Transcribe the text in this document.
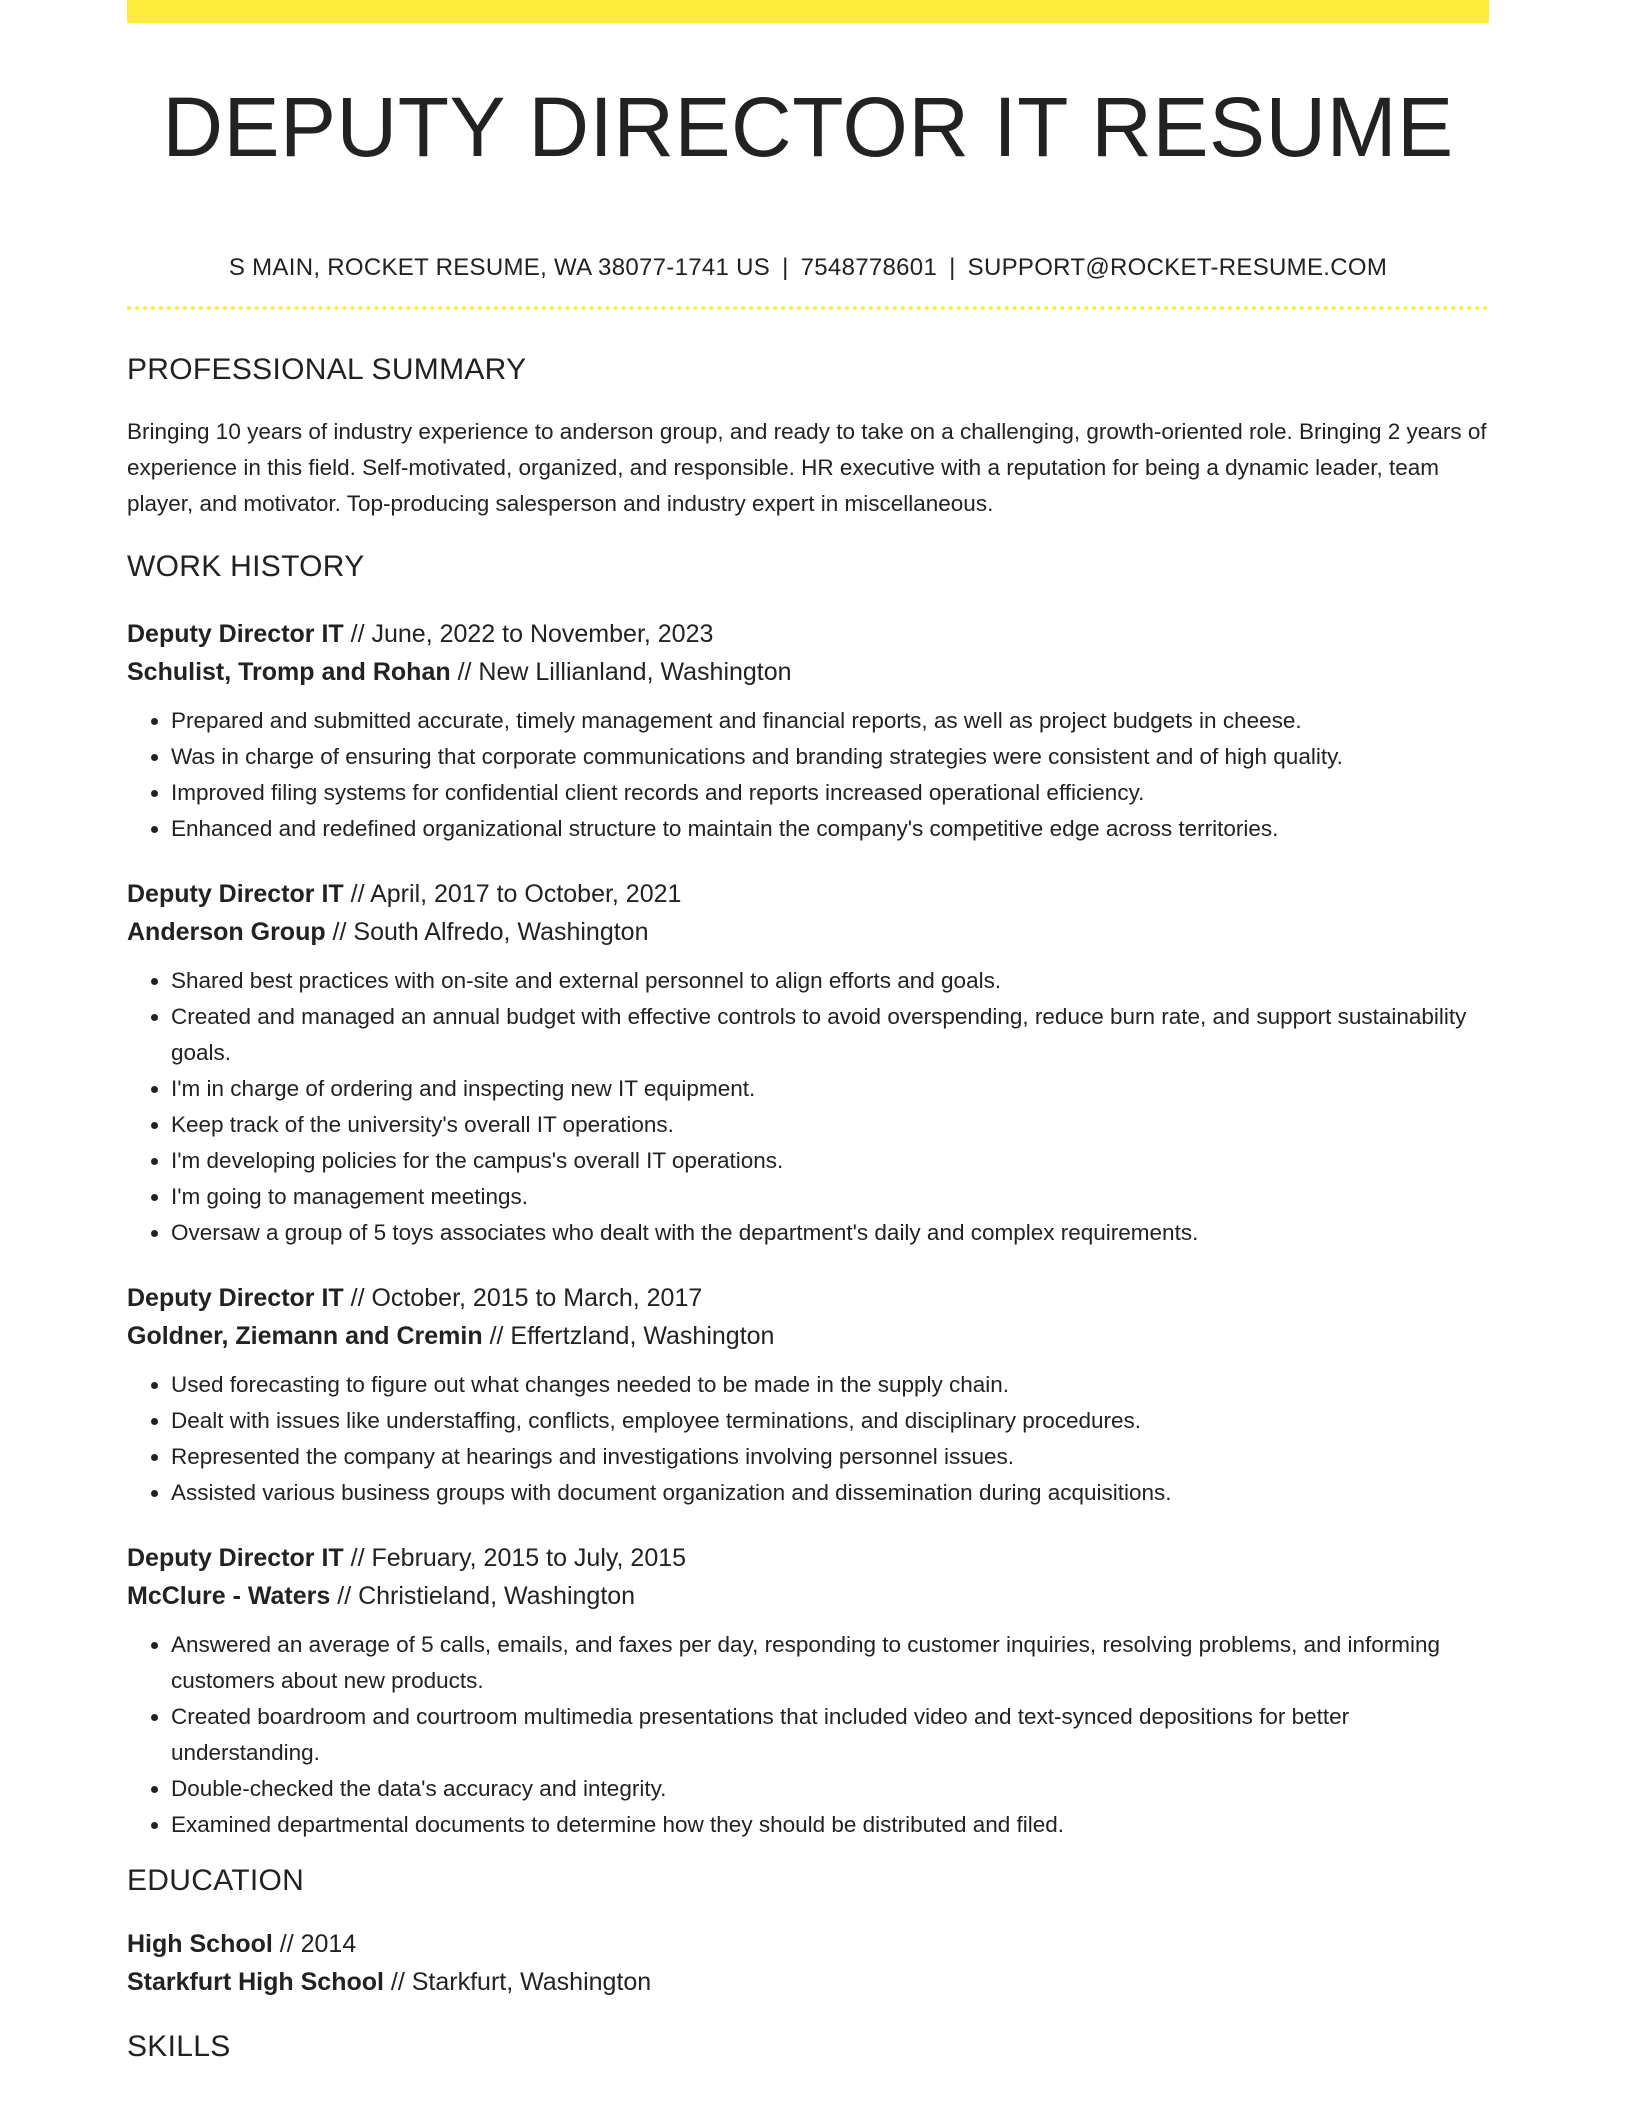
DEPUTY DIRECTOR IT RESUME
S MAIN, ROCKET RESUME, WA 38077-1741 US | 7548778601 | SUPPORT@ROCKET-RESUME.COM
PROFESSIONAL SUMMARY

Bringing 10 years of industry experience to anderson group, and ready to take on a challenging, growth-oriented role. Bringing 2 years of experience in this field. Self-motivated, organized, and responsible. HR executive with a reputation for being a dynamic leader, team player, and motivator. Top-producing salesperson and industry expert in miscellaneous.

WORK HISTORY
Deputy Director IT // June, 2022 to November, 2023
Schulist, Tromp and Rohan // New Lillianland, Washington
• Prepared and submitted accurate, timely management and financial reports, as well as project budgets in cheese.
• Was in charge of ensuring that corporate communications and branding strategies were consistent and of high quality.
• Improved filing systems for confidential client records and reports increased operational efficiency.
• Enhanced and redefined organizational structure to maintain the company's competitive edge across territories.
Deputy Director IT // April, 2017 to October, 2021
Anderson Group // South Alfredo, Washington
• Shared best practices with on-site and external personnel to align efforts and goals.
• Created and managed an annual budget with effective controls to avoid overspending, reduce burn rate, and support sustainability goals.
• I'm in charge of ordering and inspecting new IT equipment.
• Keep track of the university's overall IT operations.
• I'm developing policies for the campus's overall IT operations.
• I'm going to management meetings.
• Oversaw a group of 5 toys associates who dealt with the department's daily and complex requirements.
Deputy Director IT // October, 2015 to March, 2017
Goldner, Ziemann and Cremin // Effertzland, Washington
• Used forecasting to figure out what changes needed to be made in the supply chain.
• Dealt with issues like understaffing, conflicts, employee terminations, and disciplinary procedures.
• Represented the company at hearings and investigations involving personnel issues.
• Assisted various business groups with document organization and dissemination during acquisitions.
Deputy Director IT // February, 2015 to July, 2015
McClure - Waters // Christieland, Washington
• Answered an average of 5 calls, emails, and faxes per day, responding to customer inquiries, resolving problems, and informing customers about new products.
• Created boardroom and courtroom multimedia presentations that included video and text-synced depositions for better understanding.
• Double-checked the data's accuracy and integrity.
• Examined departmental documents to determine how they should be distributed and filed.
EDUCATION
High School // 2014
Starkfurt High School // Starkfurt, Washington
SKILLS
